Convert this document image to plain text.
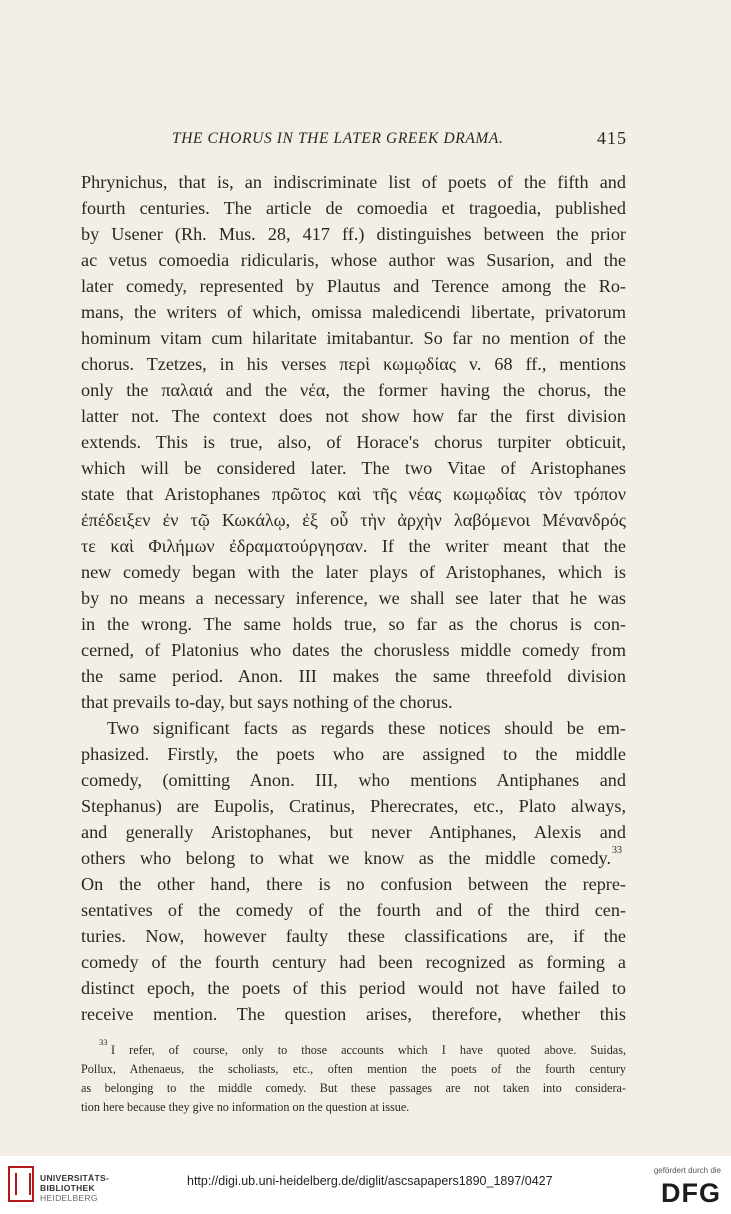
THE CHORUS IN THE LATER GREEK DRAMA.	415
Phrynichus, that is, an indiscriminate list of poets of the fifth and
fourth centuries. The article de comoedia et tragoedia, published
by Usener (Rh. Mus. 28, 417 ff.) distinguishes between the prior
ac vetus comoedia ridicularis, whose author was Susarion, and the
later comedy, represented by Plautus and Terence among the Ro-
mans, the writers of which, omissa maledicendi libertate, privatorum
hominum vitam cum hilaritate imitabantur. So far no mention of the
chorus. Tzetzes, in his verses περὶ κωμῳδίας v. 68 ff., mentions
only the παλαιά and the νέα, the former having the chorus, the
latter not. The context does not show how far the first division
extends. This is true, also, of Horace's chorus turpiter obticuit,
which will be considered later. The two Vitae of Aristophanes
state that Aristophanes πρῶτος καὶ τῆς νέας κωμῳδίας τὸν τρόπον
ἐπέδειξεν ἐν τῷ Κωκάλῳ, ἐξ οὗ τὴν ἀρχὴν λαβόμενοι Μένανδρός
τε καὶ Φιλήμων ἐδραματούργησαν. If the writer meant that the
new comedy began with the later plays of Aristophanes, which is
by no means a necessary inference, we shall see later that he was
in the wrong. The same holds true, so far as the chorus is con-
cerned, of Platonius who dates the chorusless middle comedy from
the same period. Anon. III makes the same threefold division
that prevails to-day, but says nothing of the chorus.
Two significant facts as regards these notices should be em-
phasized. Firstly, the poets who are assigned to the middle
comedy, (omitting Anon. III, who mentions Antiphanes and
Stephanus) are Eupolis, Cratinus, Pherecrates, etc., Plato always,
and generally Aristophanes, but never Antiphanes, Alexis and
others who belong to what we know as the middle comedy. 33
On the other hand, there is no confusion between the repre-
sentatives of the comedy of the fourth and of the third cen-
turies. Now, however faulty these classifications are, if the
comedy of the fourth century had been recognized as forming a
distinct epoch, the poets of this period would not have failed to
receive mention. The question arises, therefore, whether this
33
I refer, of course, only to those accounts which I have quoted above. Suidas,
Pollux, Athenaeus, the scholiasts, etc., often mention the poets of the fourth century
as belonging to the middle comedy. But these passages are not taken into considera-
tion here because they give no information on the question at issue.
UNIVERSITÄTS-
BIBLIOTHEK
HEIDELBERG
http://digi.ub.uni-heidelberg.de/diglit/ascsapapers1890_1897/0427
gefördert durch die
DFG
